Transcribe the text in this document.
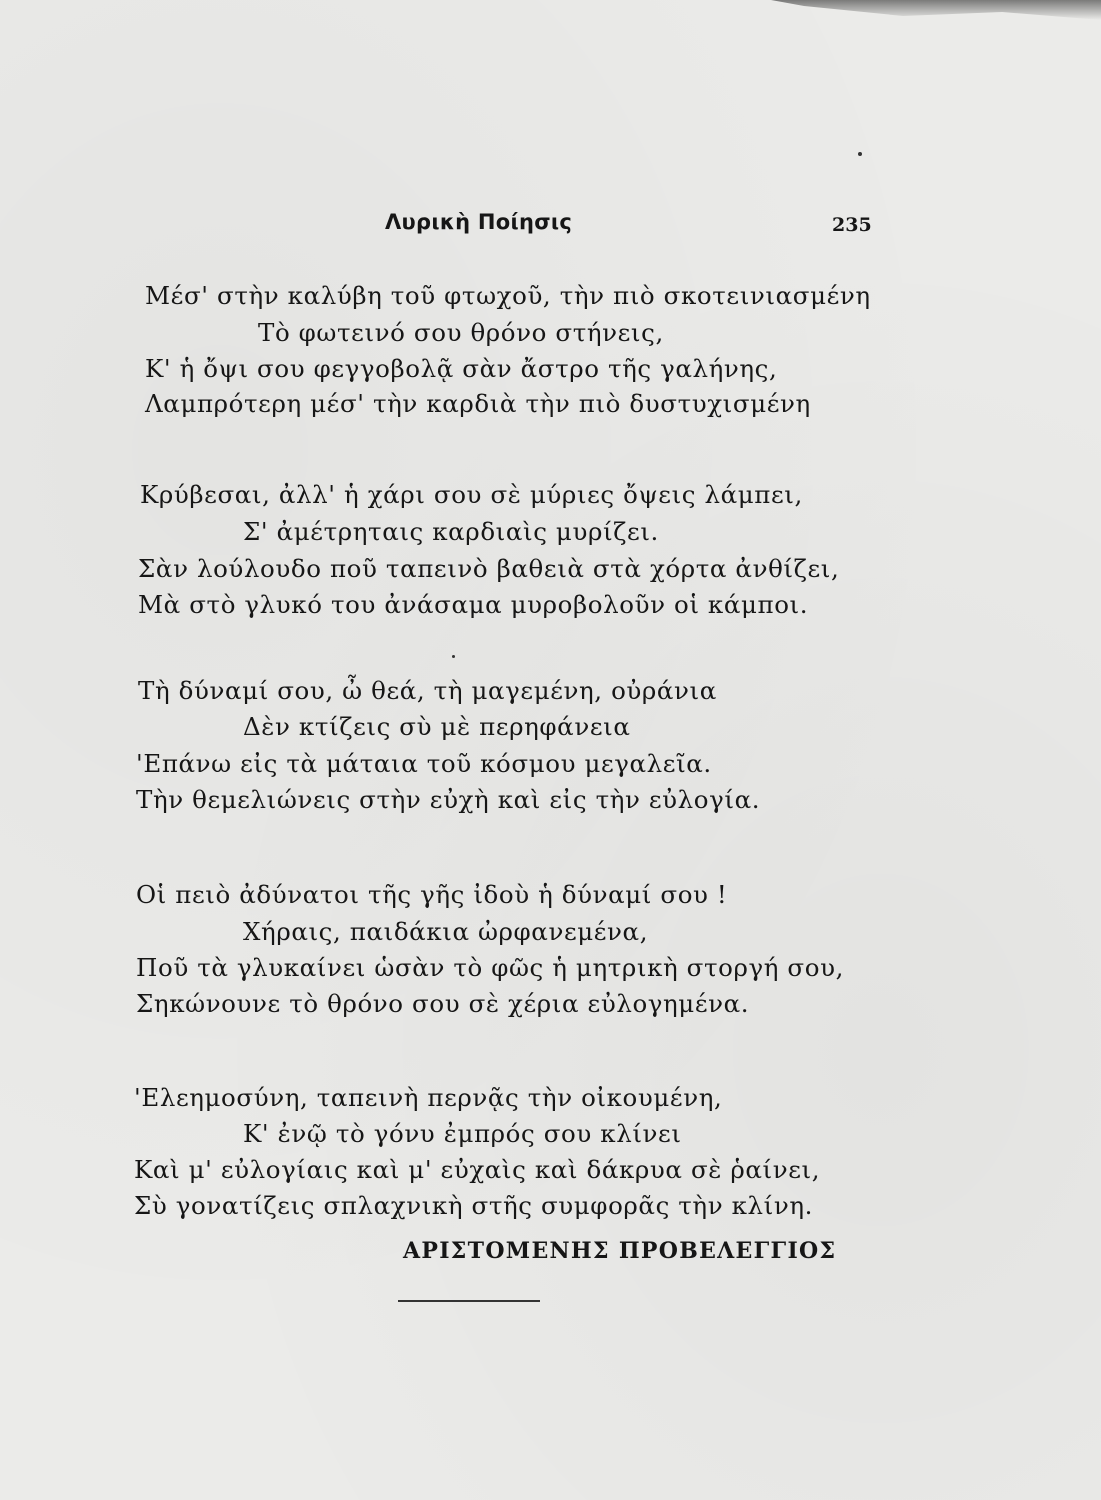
Λυρικὴ Ποίησις	235
Μέσ' στὴν καλύβη τοῦ φτωχοῦ, τὴν πιὸ σκοτεινιασμένη
Τὸ φωτεινό σου θρόνο στήνεις,
Κ' ἡ ὄψι σου φεγγοβολᾷ σὰν ἄστρο τῆς γαλήνης,
Λαμπρότερη μέσ' τὴν καρδιὰ τὴν πιὸ δυστυχισμένη
Κρύβεσαι, ἀλλ' ἡ χάρι σου σὲ μύριες ὄψεις λάμπει,
Σ' ἀμέτρηταις καρδιαὶς μυρίζει.
Σὰν λούλουδο ποῦ ταπεινὸ βαθειὰ στὰ χόρτα ἀνθίζει,
Μὰ στὸ γλυκό του ἀνάσαμα μυροβολοῦν οἱ κάμποι.
Τὴ δύναμί σου, ὦ θεά, τὴ μαγεμένη, οὐράνια
Δὲν κτίζεις σὺ μὲ περηφάνεια
'Επάνω εἰς τὰ μάταια τοῦ κόσμου μεγαλεῖα.
Τὴν θεμελιώνεις στὴν εὐχὴ καὶ εἰς τὴν εὐλογία.
Οἱ πειὸ ἀδύνατοι τῆς γῆς ἰδοὺ ἡ δύναμί σου !
Χήραις, παιδάκια ὠρφανεμένα,
Ποῦ τὰ γλυκαίνει ὡσὰν τὸ φῶς ἡ μητρικὴ στοργή σου,
Σηκώνουνε τὸ θρόνο σου σὲ χέρια εὐλογημένα.
'Ελεημοσύνη, ταπεινὴ περνᾷς τὴν οἰκουμένη,
Κ' ἐνῷ τὸ γόνυ ἐμπρός σου κλίνει
Καὶ μ' εὐλογίαις καὶ μ' εὐχαὶς καὶ δάκρυα σὲ ῥαίνει,
Σὺ γονατίζεις σπλαχνικὴ στῆς συμφορᾶς τὴν κλίνη.
ΑΡΙΣΤΟΜΕΝΗΣ ΠΡΟΒΕΛΕΓΓΙΟΣ
